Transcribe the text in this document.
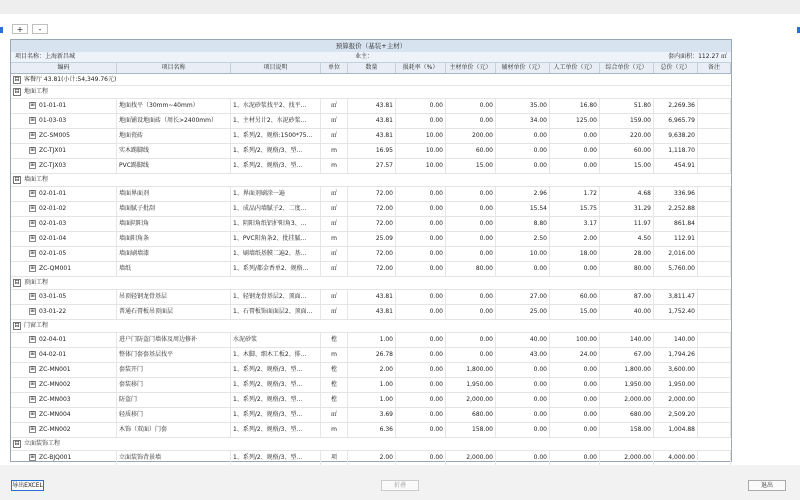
+	-
预算报价（基装+主材）
项目名称：上海新昌城	业主：	套内面积：112.27 ㎡
编码	项目名称	项目说明	单位	数量	损耗率（%）	主材单价（元）	辅材单价（元）	人工单价（元）	综合单价（元）	总价（元）	备注
⊟ 客餐厅 43.81(小计:54,349.76元)
⊟ 地面工程
⊞ 01-01-01	地面找平（30mm~40mm）	1、水泥砂浆找平2、找平...	㎡	43.81	0.00	0.00	35.00	16.80	51.80	2,269.36
⊞ 01-03-03	地面铺设地面砖（周长>2400mm）	1、主材另计2、水泥砂浆...	㎡	43.81	0.00	0.00	34.00	125.00	159.00	6,965.79
⊞ ZC-SM005	地面瓷砖	1、系列/2、规格:1500*75...	㎡	43.81	10.00	200.00	0.00	0.00	220.00	9,638.20
⊞ ZC-TJX01	实木踢脚线	1、系列/2、规格/3、型...	m	16.95	10.00	60.00	0.00	0.00	60.00	1,118.70
⊞ ZC-TJX03	PVC踢脚线	1、系列/2、规格/3、型...	m	27.57	10.00	15.00	0.00	0.00	15.00	454.91
⊟ 墙面工程
⊞ 02-01-01	墙面界面剂	1、界面剂刷涂一遍	㎡	72.00	0.00	0.00	2.96	1.72	4.68	336.96
⊞ 02-01-02	墙面腻子批刮	1、成品内墙腻子2、二度...	㎡	72.00	0.00	0.00	15.54	15.75	31.29	2,252.88
⊞ 02-01-03	墙面阴阳角	1、阴阳角纸铝护阳角3、...	㎡	72.00	0.00	0.00	8.80	3.17	11.97	861.84
⊞ 02-01-04	墙面阳角条	1、PVC阳角条2、批挂腻...	m	25.09	0.00	0.00	2.50	2.00	4.50	112.91
⊞ 02-01-05	墙面刷墙漆	1、刷墙纸基膜二遍2、基...	㎡	72.00	0.00	0.00	10.00	18.00	28.00	2,016.00
⊞ ZC-QM001	墙纸	1、系列/都金香单2、规格...	㎡	72.00	0.00	80.00	0.00	0.00	80.00	5,760.00
⊟ 顶面工程
⊞ 03-01-05	吊顶轻钢龙骨基层	1、轻钢龙骨基层2、顶面...	㎡	43.81	0.00	0.00	27.00	60.00	87.00	3,811.47
⊞ 03-01-22	普通石膏板吊顶面层	1、石膏板饰面面层2、顶面...	㎡	43.81	0.00	0.00	25.00	15.00	40.00	1,752.40
⊟ 门窗工程
⊞ 02-04-01	进户门防盗门墙体及周边修补	水泥砂浆	樘	1.00	0.00	0.00	40.00	100.00	140.00	140.00
⊞ 04-02-01	整体门套套基层找平	1、木脚、细木工板2、排...	m	26.78	0.00	0.00	43.00	24.00	67.00	1,794.26
⊞ ZC-MN001	套装开门	1、系列/2、规格/3、型...	樘	2.00	0.00	1,800.00	0.00	0.00	1,800.00	3,600.00
⊞ ZC-MN002	套装移门	1、系列/2、规格/3、型...	樘	1.00	0.00	1,950.00	0.00	0.00	1,950.00	1,950.00
⊞ ZC-MN003	防盗门	1、系列/2、规格/3、型...	樘	1.00	0.00	2,000.00	0.00	0.00	2,000.00	2,000.00
⊞ ZC-MN004	轻质移门	1、系列/2、规格/3、型...	㎡	3.69	0.00	680.00	0.00	0.00	680.00	2,509.20
⊞ ZC-MN002	木饰（双面）门套	1、系列/2、规格/3、型...	m	6.36	0.00	158.00	0.00	0.00	158.00	1,004.88
⊟ 立面装饰工程
⊞ ZC-BJQ001	立面装饰背景墙	1、系列/2、规格/3、型...	项	2.00	0.00	2,000.00	0.00	0.00	2,000.00	4,000.00
导出EXCEL	折叠	退出
